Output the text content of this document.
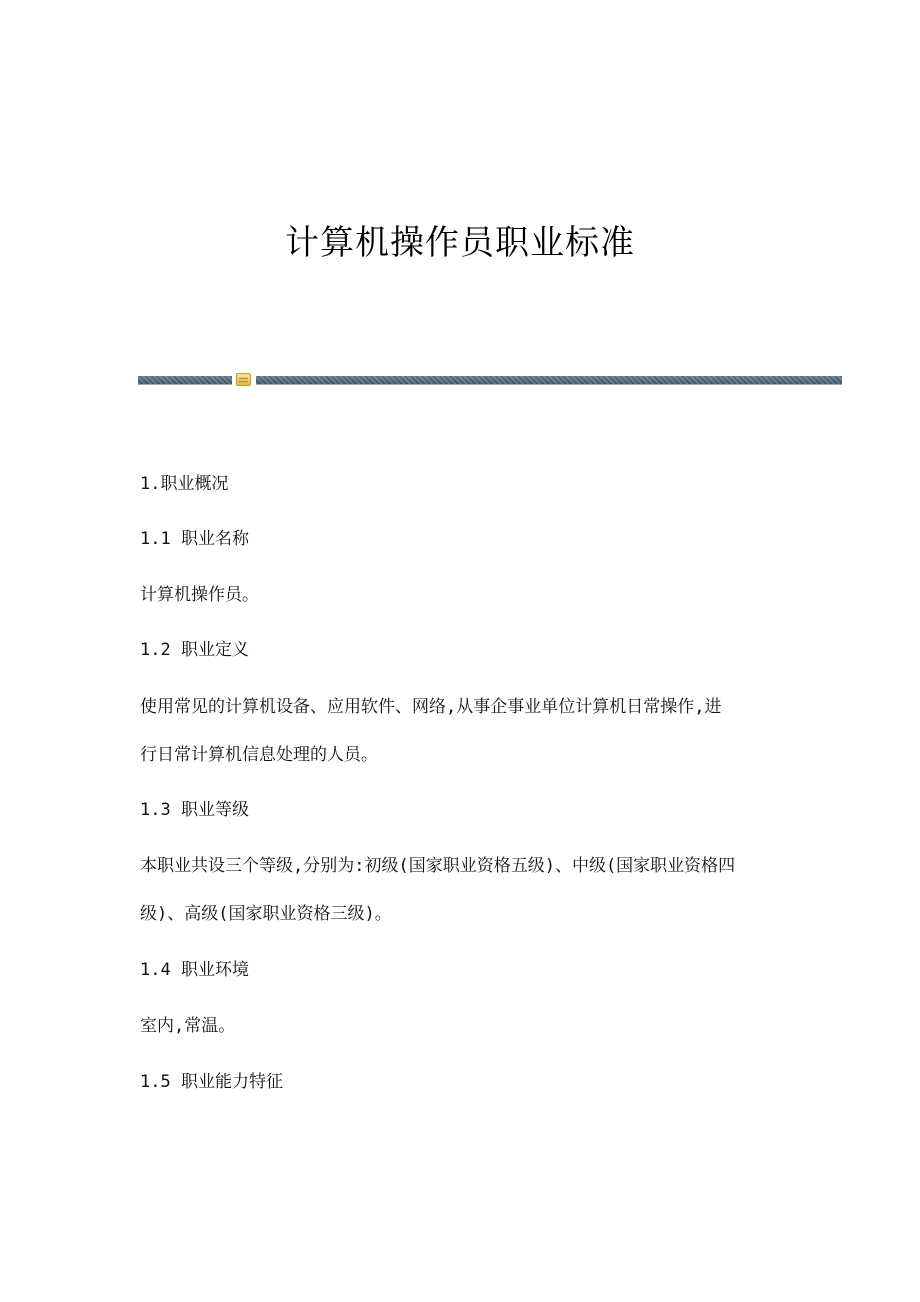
计算机操作员职业标准

1.职业概况

1.1 职业名称

计算机操作员。

1.2 职业定义

使用常见的计算机设备、应用软件、网络,从事企事业单位计算机日常操作,进

行日常计算机信息处理的人员。

1.3 职业等级

本职业共设三个等级,分别为:初级(国家职业资格五级)、中级(国家职业资格四

级)、高级(国家职业资格三级)。

1.4 职业环境

室内,常温。

1.5 职业能力特征
